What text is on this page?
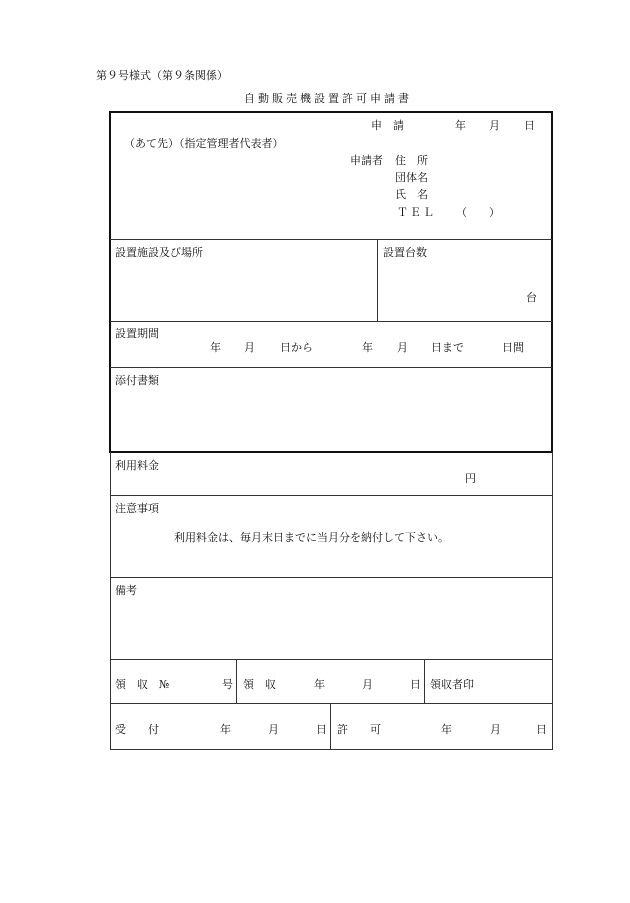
第９号様式（第９条関係）
自動販売機設置許可申請書
申　請	年 月 日
（あて先）（指定管理者代表者）
申請者 住　所
団体名
氏　名
ＴＥＬ （　　）
設置施設及び場所	設置台数
台
設置期間
年 月 日から	年 月 日まで	日間
添付書類
利用料金
円
注意事項
利用料金は、毎月末日までに当月分を納付して下さい。
備考
領　収　№	号 領　収	年	月	日 領収者印
受　　付	年	月	日 許　　可	年	月	日
